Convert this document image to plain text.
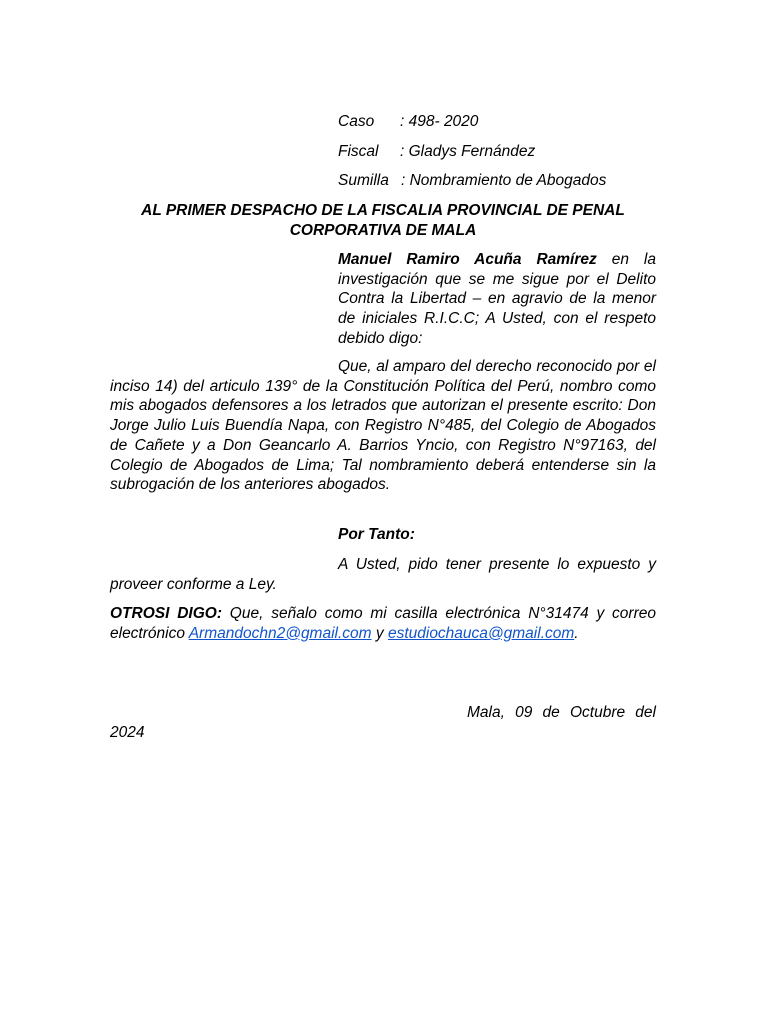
Caso : 498- 2020
Fiscal : Gladys Fernández
Sumilla : Nombramiento de Abogados
AL PRIMER DESPACHO DE LA FISCALIA PROVINCIAL DE PENAL CORPORATIVA DE MALA
Manuel Ramiro Acuña Ramírez en la investigación que se me sigue por el Delito Contra la Libertad – en agravio de la menor de iniciales R.I.C.C; A Usted, con el respeto debido digo:

Que, al amparo del derecho reconocido por el inciso 14) del articulo 139° de la Constitución Política del Perú, nombro como mis abogados defensores a los letrados que autorizan el presente escrito: Don Jorge Julio Luis Buendía Napa, con Registro N°485, del Colegio de Abogados de Cañete y a Don Geancarlo A. Barrios Yncio, con Registro N°97163, del Colegio de Abogados de Lima; Tal nombramiento deberá entenderse sin la subrogación de los anteriores abogados.

Por Tanto:

A Usted, pido tener presente lo expuesto y proveer conforme a Ley.

OTROSI DIGO: Que, señalo como mi casilla electrónica N°31474 y correo electrónico Armandochn2@gmail.com y estudiochauca@gmail.com.

Mala, 09 de Octubre del 2024
